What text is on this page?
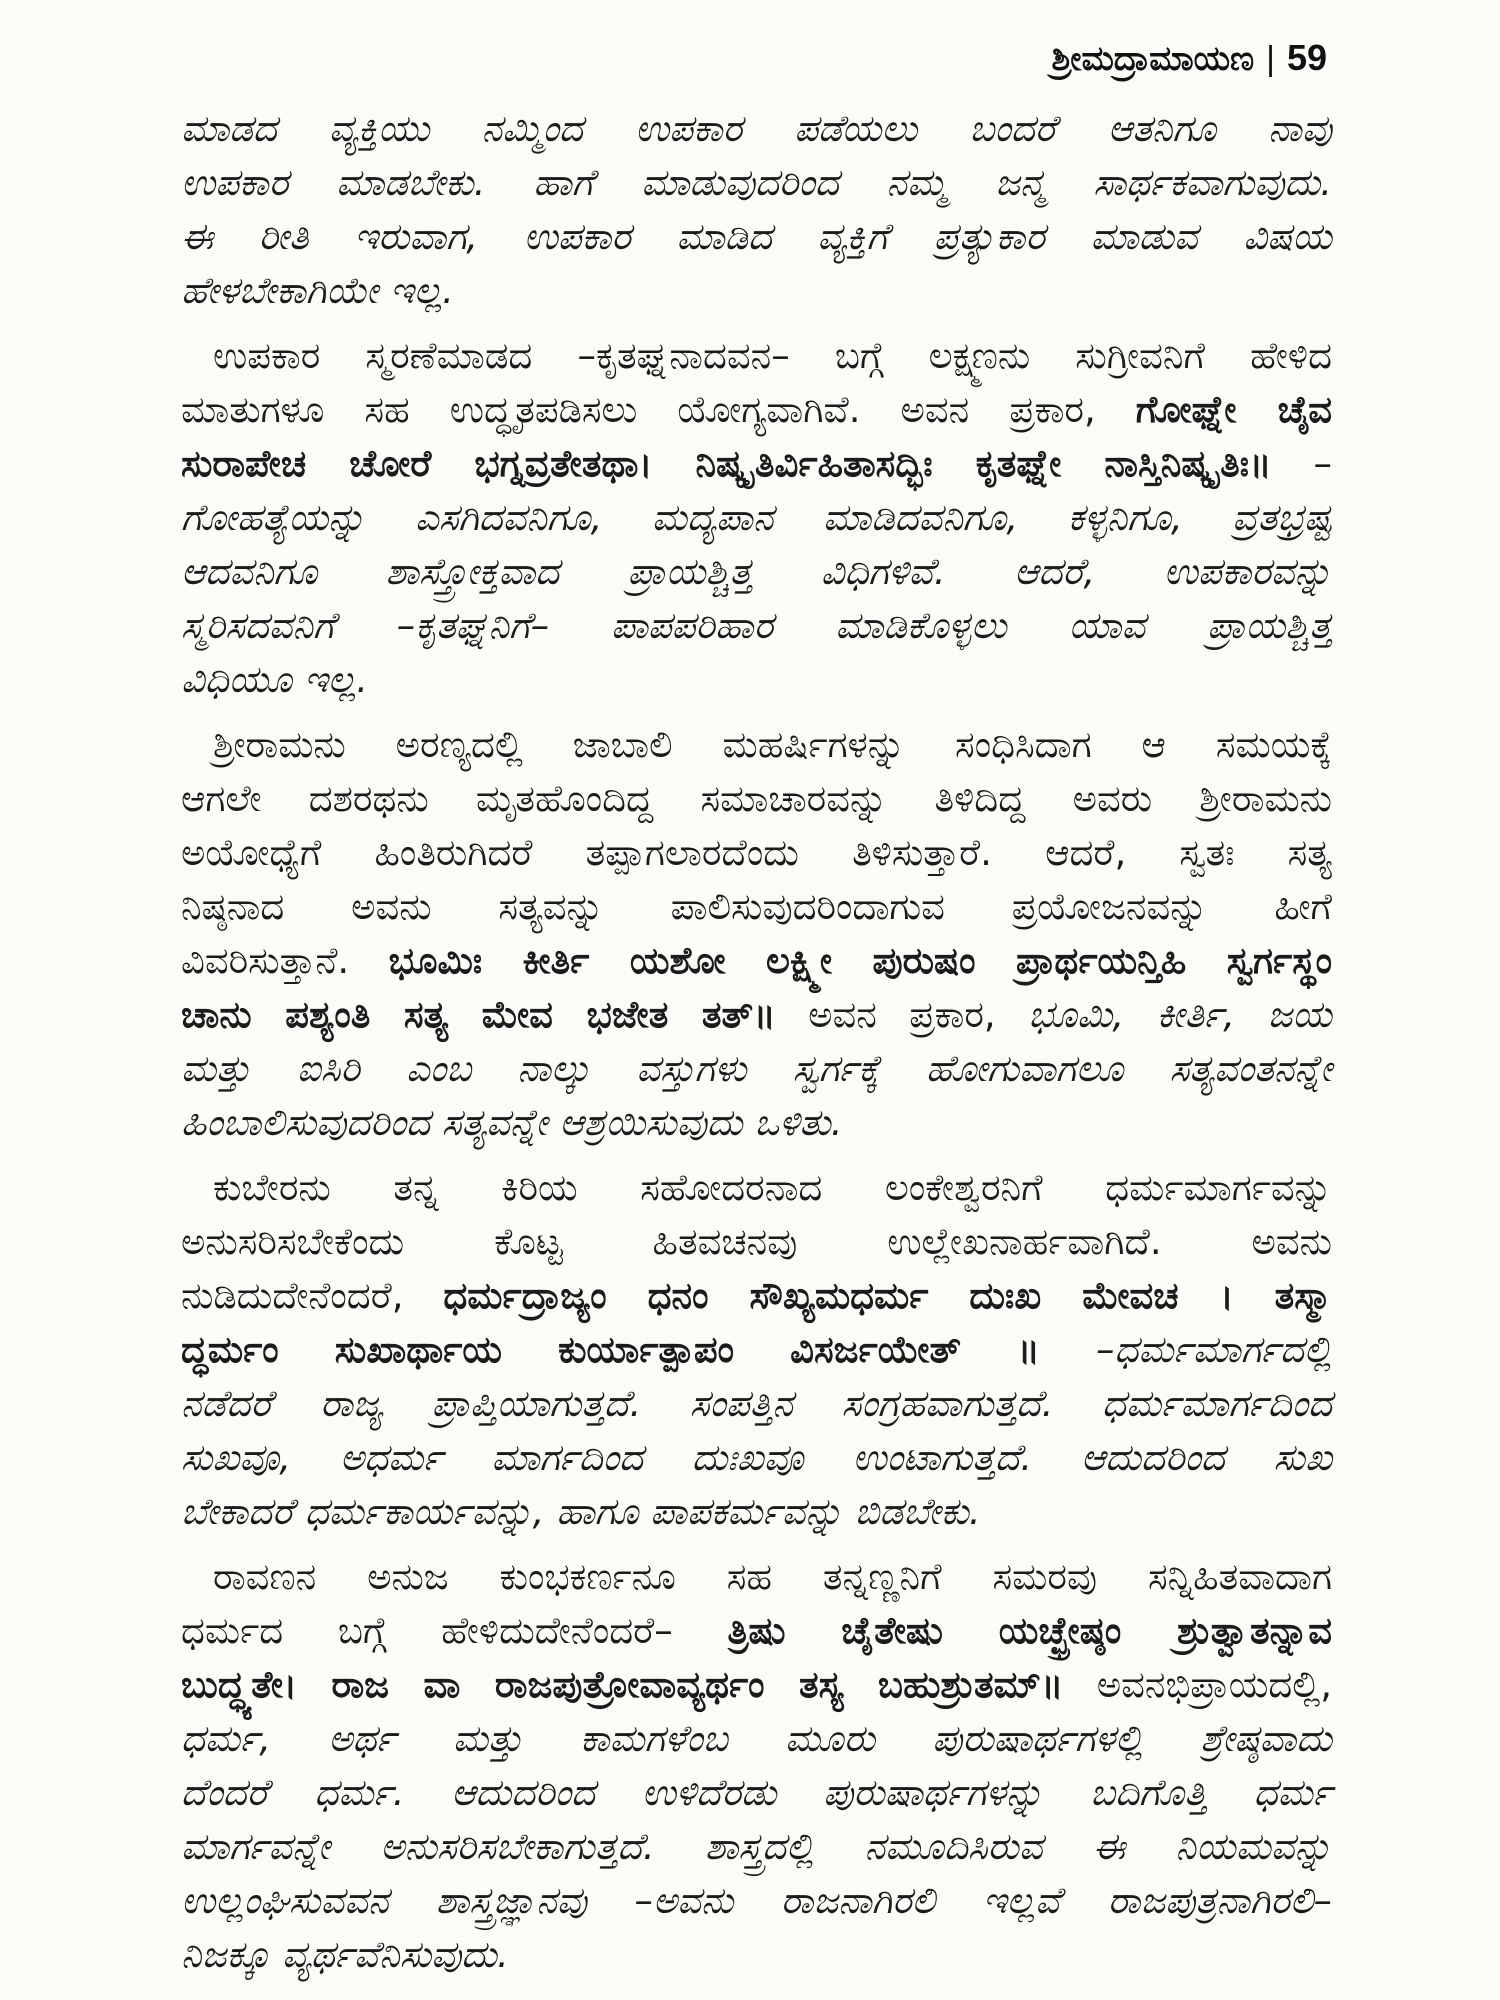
ಶ್ರೀಮದ್ರಾಮಾಯಣ | 59
ಮಾಡದ ವ್ಯಕ್ತಿಯು ನಮ್ಮಿಂದ ಉಪಕಾರ ಪಡೆಯಲು ಬಂದರೆ ಆತನಿಗೂ ನಾವು
ಉಪಕಾರ ಮಾಡಬೇಕು. ಹಾಗೆ ಮಾಡುವುದರಿಂದ ನಮ್ಮ ಜನ್ಮ ಸಾರ್ಥಕವಾಗುವುದು.
ಈ ರೀತಿ ಇರುವಾಗ, ಉಪಕಾರ ಮಾಡಿದ ವ್ಯಕ್ತಿಗೆ ಪ್ರತ್ಯುಕಾರ ಮಾಡುವ ವಿಷಯ
ಹೇಳಬೇಕಾಗಿಯೇ ಇಲ್ಲ.
ಉಪಕಾರ ಸ್ಮರಣೆಮಾಡದ –ಕೃತಘ್ನನಾದವನ– ಬಗ್ಗೆ ಲಕ್ಷ್ಮಣನು ಸುಗ್ರೀವನಿಗೆ ಹೇಳಿದ
ಮಾತುಗಳೂ ಸಹ ಉದ್ಧೃತಪಡಿಸಲು ಯೋಗ್ಯವಾಗಿವೆ. ಅವನ ಪ್ರಕಾರ, ಗೋಘ್ನೇ ಚೈವ
ಸುರಾಪೇಚ ಚೋರೆ ಭಗ್ನವ್ರತೇತಥಾ। ನಿಷ್ಕೃತಿರ್ವಿಹಿತಾಸದ್ಭಿಃ ಕೃತಘ್ನೇ ನಾಸ್ತಿನಿಷ್ಕೃತಿಃ॥ –
ಗೋಹತ್ಯೆಯನ್ನು ಎಸಗಿದವನಿಗೂ, ಮದ್ಯಪಾನ ಮಾಡಿದವನಿಗೂ, ಕಳ್ಳನಿಗೂ, ವ್ರತಭ್ರಷ್ಟ
ಆದವನಿಗೂ ಶಾಸ್ತ್ರೋಕ್ತವಾದ ಪ್ರಾಯಶ್ಚಿತ್ತ ವಿಧಿಗಳಿವೆ. ಆದರೆ, ಉಪಕಾರವನ್ನು
ಸ್ಮರಿಸದವನಿಗೆ –ಕೃತಘ್ನನಿಗೆ– ಪಾಪಪರಿಹಾರ ಮಾಡಿಕೊಳ್ಳಲು ಯಾವ ಪ್ರಾಯಶ್ಚಿತ್ತ
ವಿಧಿಯೂ ಇಲ್ಲ.
ಶ್ರೀರಾಮನು ಅರಣ್ಯದಲ್ಲಿ ಜಾಬಾಲಿ ಮಹರ್ಷಿಗಳನ್ನು ಸಂಧಿಸಿದಾಗ ಆ ಸಮಯಕ್ಕೆ
ಆಗಲೇ ದಶರಥನು ಮೃತಹೊಂದಿದ್ದ ಸಮಾಚಾರವನ್ನು ತಿಳಿದಿದ್ದ ಅವರು ಶ್ರೀರಾಮನು
ಅಯೋಧ್ಯೆಗೆ ಹಿಂತಿರುಗಿದರೆ ತಪ್ಪಾಗಲಾರದೆಂದು ತಿಳಿಸುತ್ತಾರೆ. ಆದರೆ, ಸ್ವತಃ ಸತ್ಯ
ನಿಷ್ಠನಾದ ಅವನು ಸತ್ಯವನ್ನು ಪಾಲಿಸುವುದರಿಂದಾಗುವ ಪ್ರಯೋಜನವನ್ನು ಹೀಗೆ
ವಿವರಿಸುತ್ತಾನೆ. ಭೂಮಿಃ ಕೀರ್ತಿ ಯಶೋ ಲಕ್ಷ್ಮೀ ಪುರುಷಂ ಪ್ರಾರ್ಥಯನ್ತಿಹಿ ಸ್ವರ್ಗಸ್ಥಂ
ಚಾನು ಪಶ್ಯಂತಿ ಸತ್ಯ ಮೇವ ಭಜೇತ ತತ್॥ ಅವನ ಪ್ರಕಾರ, ಭೂಮಿ, ಕೀರ್ತಿ, ಜಯ
ಮತ್ತು ಐಸಿರಿ ಎಂಬ ನಾಲ್ಕು ವಸ್ತುಗಳು ಸ್ವರ್ಗಕ್ಕೆ ಹೋಗುವಾಗಲೂ ಸತ್ಯವಂತನನ್ನೇ
ಹಿಂಬಾಲಿಸುವುದರಿಂದ ಸತ್ಯವನ್ನೇ ಆಶ್ರಯಿಸುವುದು ಒಳಿತು.
ಕುಬೇರನು ತನ್ನ ಕಿರಿಯ ಸಹೋದರನಾದ ಲಂಕೇಶ್ವರನಿಗೆ ಧರ್ಮಮಾರ್ಗವನ್ನು
ಅನುಸರಿಸಬೇಕೆಂದು ಕೊಟ್ಟ ಹಿತವಚನವು ಉಲ್ಲೇಖನಾರ್ಹವಾಗಿದೆ. ಅವನು
ನುಡಿದುದೇನೆಂದರೆ, ಧರ್ಮದ್ರಾಜ್ಯಂ ಧನಂ ಸೌಖ್ಯಮಧರ್ಮ ದುಃಖ ಮೇವಚ । ತಸ್ಮಾ
ದ್ಧರ್ಮಂ ಸುಖಾರ್ಥಾಯ ಕುರ್ಯಾತ್ಪಾಪಂ ವಿಸರ್ಜಯೇತ್ ॥ –ಧರ್ಮಮಾರ್ಗದಲ್ಲಿ
ನಡೆದರೆ ರಾಜ್ಯ ಪ್ರಾಪ್ತಿಯಾಗುತ್ತದೆ. ಸಂಪತ್ತಿನ ಸಂಗ್ರಹವಾಗುತ್ತದೆ. ಧರ್ಮಮಾರ್ಗದಿಂದ
ಸುಖವೂ, ಅಧರ್ಮ ಮಾರ್ಗದಿಂದ ದುಃಖವೂ ಉಂಟಾಗುತ್ತದೆ. ಆದುದರಿಂದ ಸುಖ
ಬೇಕಾದರೆ ಧರ್ಮಕಾರ್ಯವನ್ನು, ಹಾಗೂ ಪಾಪಕರ್ಮವನ್ನು ಬಿಡಬೇಕು.
ರಾವಣನ ಅನುಜ ಕುಂಭಕರ್ಣನೂ ಸಹ ತನ್ನಣ್ಣನಿಗೆ ಸಮರವು ಸನ್ನಿಹಿತವಾದಾಗ
ಧರ್ಮದ ಬಗ್ಗೆ ಹೇಳಿದುದೇನೆಂದರೆ– ತ್ರಿಷು ಚೈತೇಷು ಯಚ್ಛ್ರೇಷ್ಠಂ ಶ್ರುತ್ವಾತನ್ನಾವ
ಬುದ್ಧ್ಯತೇ। ರಾಜ ವಾ ರಾಜಪುತ್ರೋವಾವ್ಯರ್ಥಂ ತಸ್ಯ ಬಹುಶ್ರುತಮ್॥ ಅವನಭಿಪ್ರಾಯದಲ್ಲಿ,
ಧರ್ಮ, ಅರ್ಥ ಮತ್ತು ಕಾಮಗಳೆಂಬ ಮೂರು ಪುರುಷಾರ್ಥಗಳಲ್ಲಿ ಶ್ರೇಷ್ಠವಾದು
ದೆಂದರೆ ಧರ್ಮ. ಆದುದರಿಂದ ಉಳಿದೆರಡು ಪುರುಷಾರ್ಥಗಳನ್ನು ಬದಿಗೊತ್ತಿ ಧರ್ಮ
ಮಾರ್ಗವನ್ನೇ ಅನುಸರಿಸಬೇಕಾಗುತ್ತದೆ. ಶಾಸ್ತ್ರದಲ್ಲಿ ನಮೂದಿಸಿರುವ ಈ ನಿಯಮವನ್ನು
ಉಲ್ಲಂಘಿಸುವವನ ಶಾಸ್ತ್ರಜ್ಞಾನವು –ಅವನು ರಾಜನಾಗಿರಲಿ ಇಲ್ಲವೆ ರಾಜಪುತ್ರನಾಗಿರಲಿ–
ನಿಜಕ್ಕೂ ವ್ಯರ್ಥವೆನಿಸುವುದು.
